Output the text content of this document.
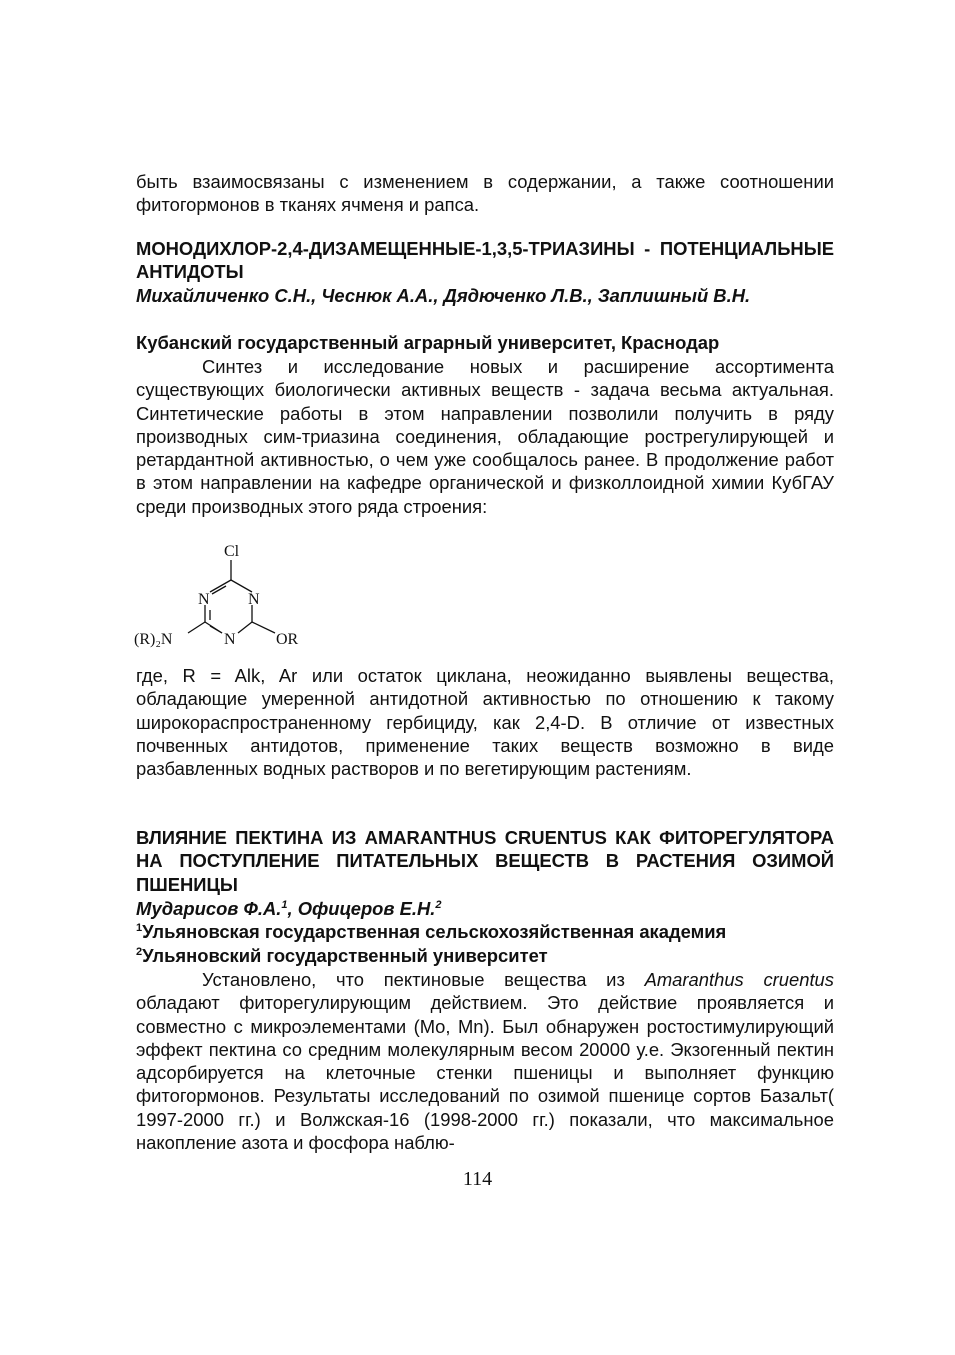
быть взаимосвязаны с изменением в содержании, а также соотношении фитогормонов в тканях ячменя и рапса.
МОНОДИХЛОР-2,4-ДИЗАМЕЩЕННЫЕ-1,3,5-ТРИАЗИНЫ - ПОТЕНЦИАЛЬНЫЕ АНТИДОТЫ
Михайличенко С.Н., Чеснюк А.А., Дядюченко Л.В., Заплишный В.Н.
Кубанский государственный аграрный университет, Краснодар
Синтез и исследование новых и расширение ассортимента существующих биологически активных веществ - задача весьма актуальная. Синтетические работы в этом направлении позволили получить в ряду производных сим-триазина соединения, обладающие рострегулирующей и ретардантной активностью, о чем уже сообщалось ранее. В продолжение работ в этом направлении на кафедре органической и физколлоидной химии КубГАУ среди производных этого ряда строения:
Cl
N N
N
(R)₂N	OR
где, R = Alk, Ar или остаток циклана, неожиданно выявлены вещества, обладающие умеренной антидотной активностью по отношению к такому широкораспространенному гербициду, как 2,4-D. В отличие от известных почвенных антидотов, применение таких веществ возможно в виде разбавленных водных растворов и по вегетирующим растениям.
ВЛИЯНИЕ ПЕКТИНА ИЗ AMARANTHUS CRUENTUS КАК ФИТОРЕГУЛЯТОРА НА ПОСТУПЛЕНИЕ ПИТАТЕЛЬНЫХ ВЕЩЕСТВ В РАСТЕНИЯ ОЗИМОЙ ПШЕНИЦЫ
Мударисов Ф.А.$^1$, Офицеров Е.Н.$^2$
$^1$Ульяновская государственная сельскохозяйственная академия
$^2$Ульяновский государственный университет
Установлено, что пектиновые вещества из Amaranthus cruentus обладают фиторегулирующим действием. Это действие проявляется и совместно с микроэлементами (Mo, Mn). Был обнаружен ростостимулирующий эффект пектина со средним молекулярным весом 20000 у.е. Экзогенный пектин адсорбируется на клеточные стенки пшеницы и выполняет функцию фитогормонов. Результаты исследований по озимой пшенице сортов Базальт( 1997-2000 гг.) и Волжская-16 (1998-2000 гг.) показали, что максимальное накопление азота и фосфора наблю-
114
